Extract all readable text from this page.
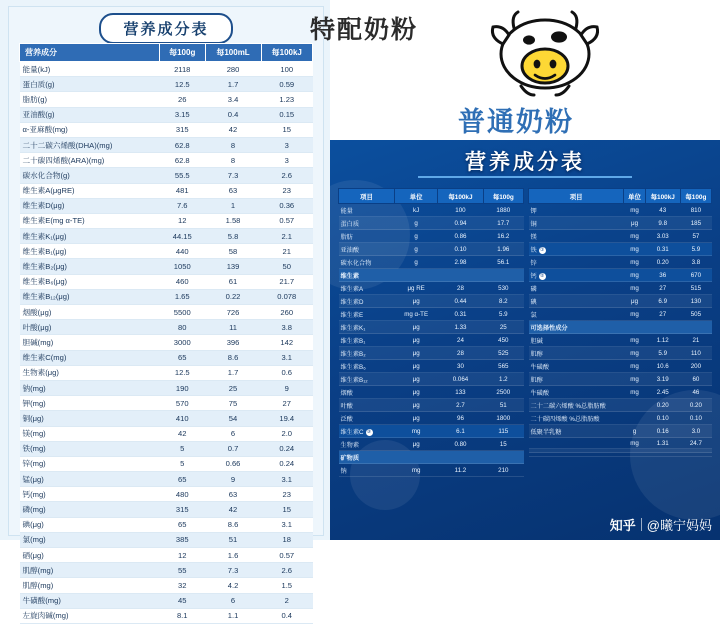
营养成分表
营养成分	每100g	每100mL	每100kJ
能量(kJ)	2118	280	100
蛋白质(g)	12.5	1.7	0.59
脂肪(g)	26	3.4	1.23
亚油酸(g)	3.15	0.4	0.15
α-亚麻酸(mg)	315	42	15
二十二碳六烯酸(DHA)(mg)	62.8	8	3
二十碳四烯酸(ARA)(mg)	62.8	8	3
碳水化合物(g)	55.5	7.3	2.6
维生素A(μgRE)	481	63	23
维生素D(μg)	7.6	1	0.36
维生素E(mg α-TE)	12	1.58	0.57
维生素K₁(μg)	44.15	5.8	2.1
维生素B₁(μg)	440	58	21
维生素B₂(μg)	1050	139	50
维生素B₆(μg)	460	61	21.7
维生素B₁₂(μg)	1.65	0.22	0.078
烟酸(μg)	5500	726	260
叶酸(μg)	80	11	3.8
胆碱(mg)	3000	396	142
维生素C(mg)	65	8.6	3.1
生物素(μg)	12.5	1.7	0.6
钠(mg)	190	25	9
钾(mg)	570	75	27
铜(μg)	410	54	19.4
镁(mg)	42	6	2.0
铁(mg)	5	0.7	0.24
锌(mg)	5	0.66	0.24
锰(μg)	65	9	3.1
钙(mg)	480	63	23
磷(mg)	315	42	15
碘(μg)	65	8.6	3.1
氯(mg)	385	51	18
硒(μg)	12	1.6	0.57
肌醇(mg)	55	7.3	2.6
肌醇(mg)	32	4.2	1.5
牛磺酸(mg)	45	6	2
左旋肉碱(mg)	8.1	1.1	0.4
特配奶粉
普通奶粉
营养成分表
项目	单位	每100kJ	每100g
能量	kJ	100	1880
蛋白质	g	0.94	17.7
脂肪	g	0.86	16.2
亚油酸	g	0.10	1.96
碳水化合物	g	2.98	56.1
维生素			
维生素A	μg RE	28	530
维生素D	μg	0.44	8.2
维生素E	mg α-TE	0.31	5.9
维生素K₁	μg	1.33	25
维生素B₁	μg	24	450
维生素B₂	μg	28	525
维生素B₆	μg	30	565
维生素B₁₂	μg	0.064	1.2
烟酸	μg	133	2500
叶酸	μg	2.7	51
泛酸	μg	96	1800
维生素C ③	mg	6.1	115
生物素	μg	0.80	15
矿物质			
钠	mg	11.2	210
项目	单位	每100kJ	每100g
钾	mg	43	810
铜	μg	9.8	185
镁	mg	3.03	57
铁 ①	mg	0.31	5.9
锌	mg	0.20	3.8
钙 ②	mg	36	670
磷	mg	27	515
碘	μg	6.9	130
氯	mg	27	505
可选择性成分			
胆碱	mg	1.12	21
肌醇	mg	5.9	110
牛磺酸	mg	10.6	200
肌醇	mg	3.19	60
牛磺酸	mg	2.45	46
二十二碳六烯酸 %总脂肪酸		0.20	0.20
二十碳四烯酸 %总脂肪酸		0.10	0.10
低聚半乳糖	g	0.16	3.0
	mg	1.31	24.7

知乎 @曦宁妈妈
